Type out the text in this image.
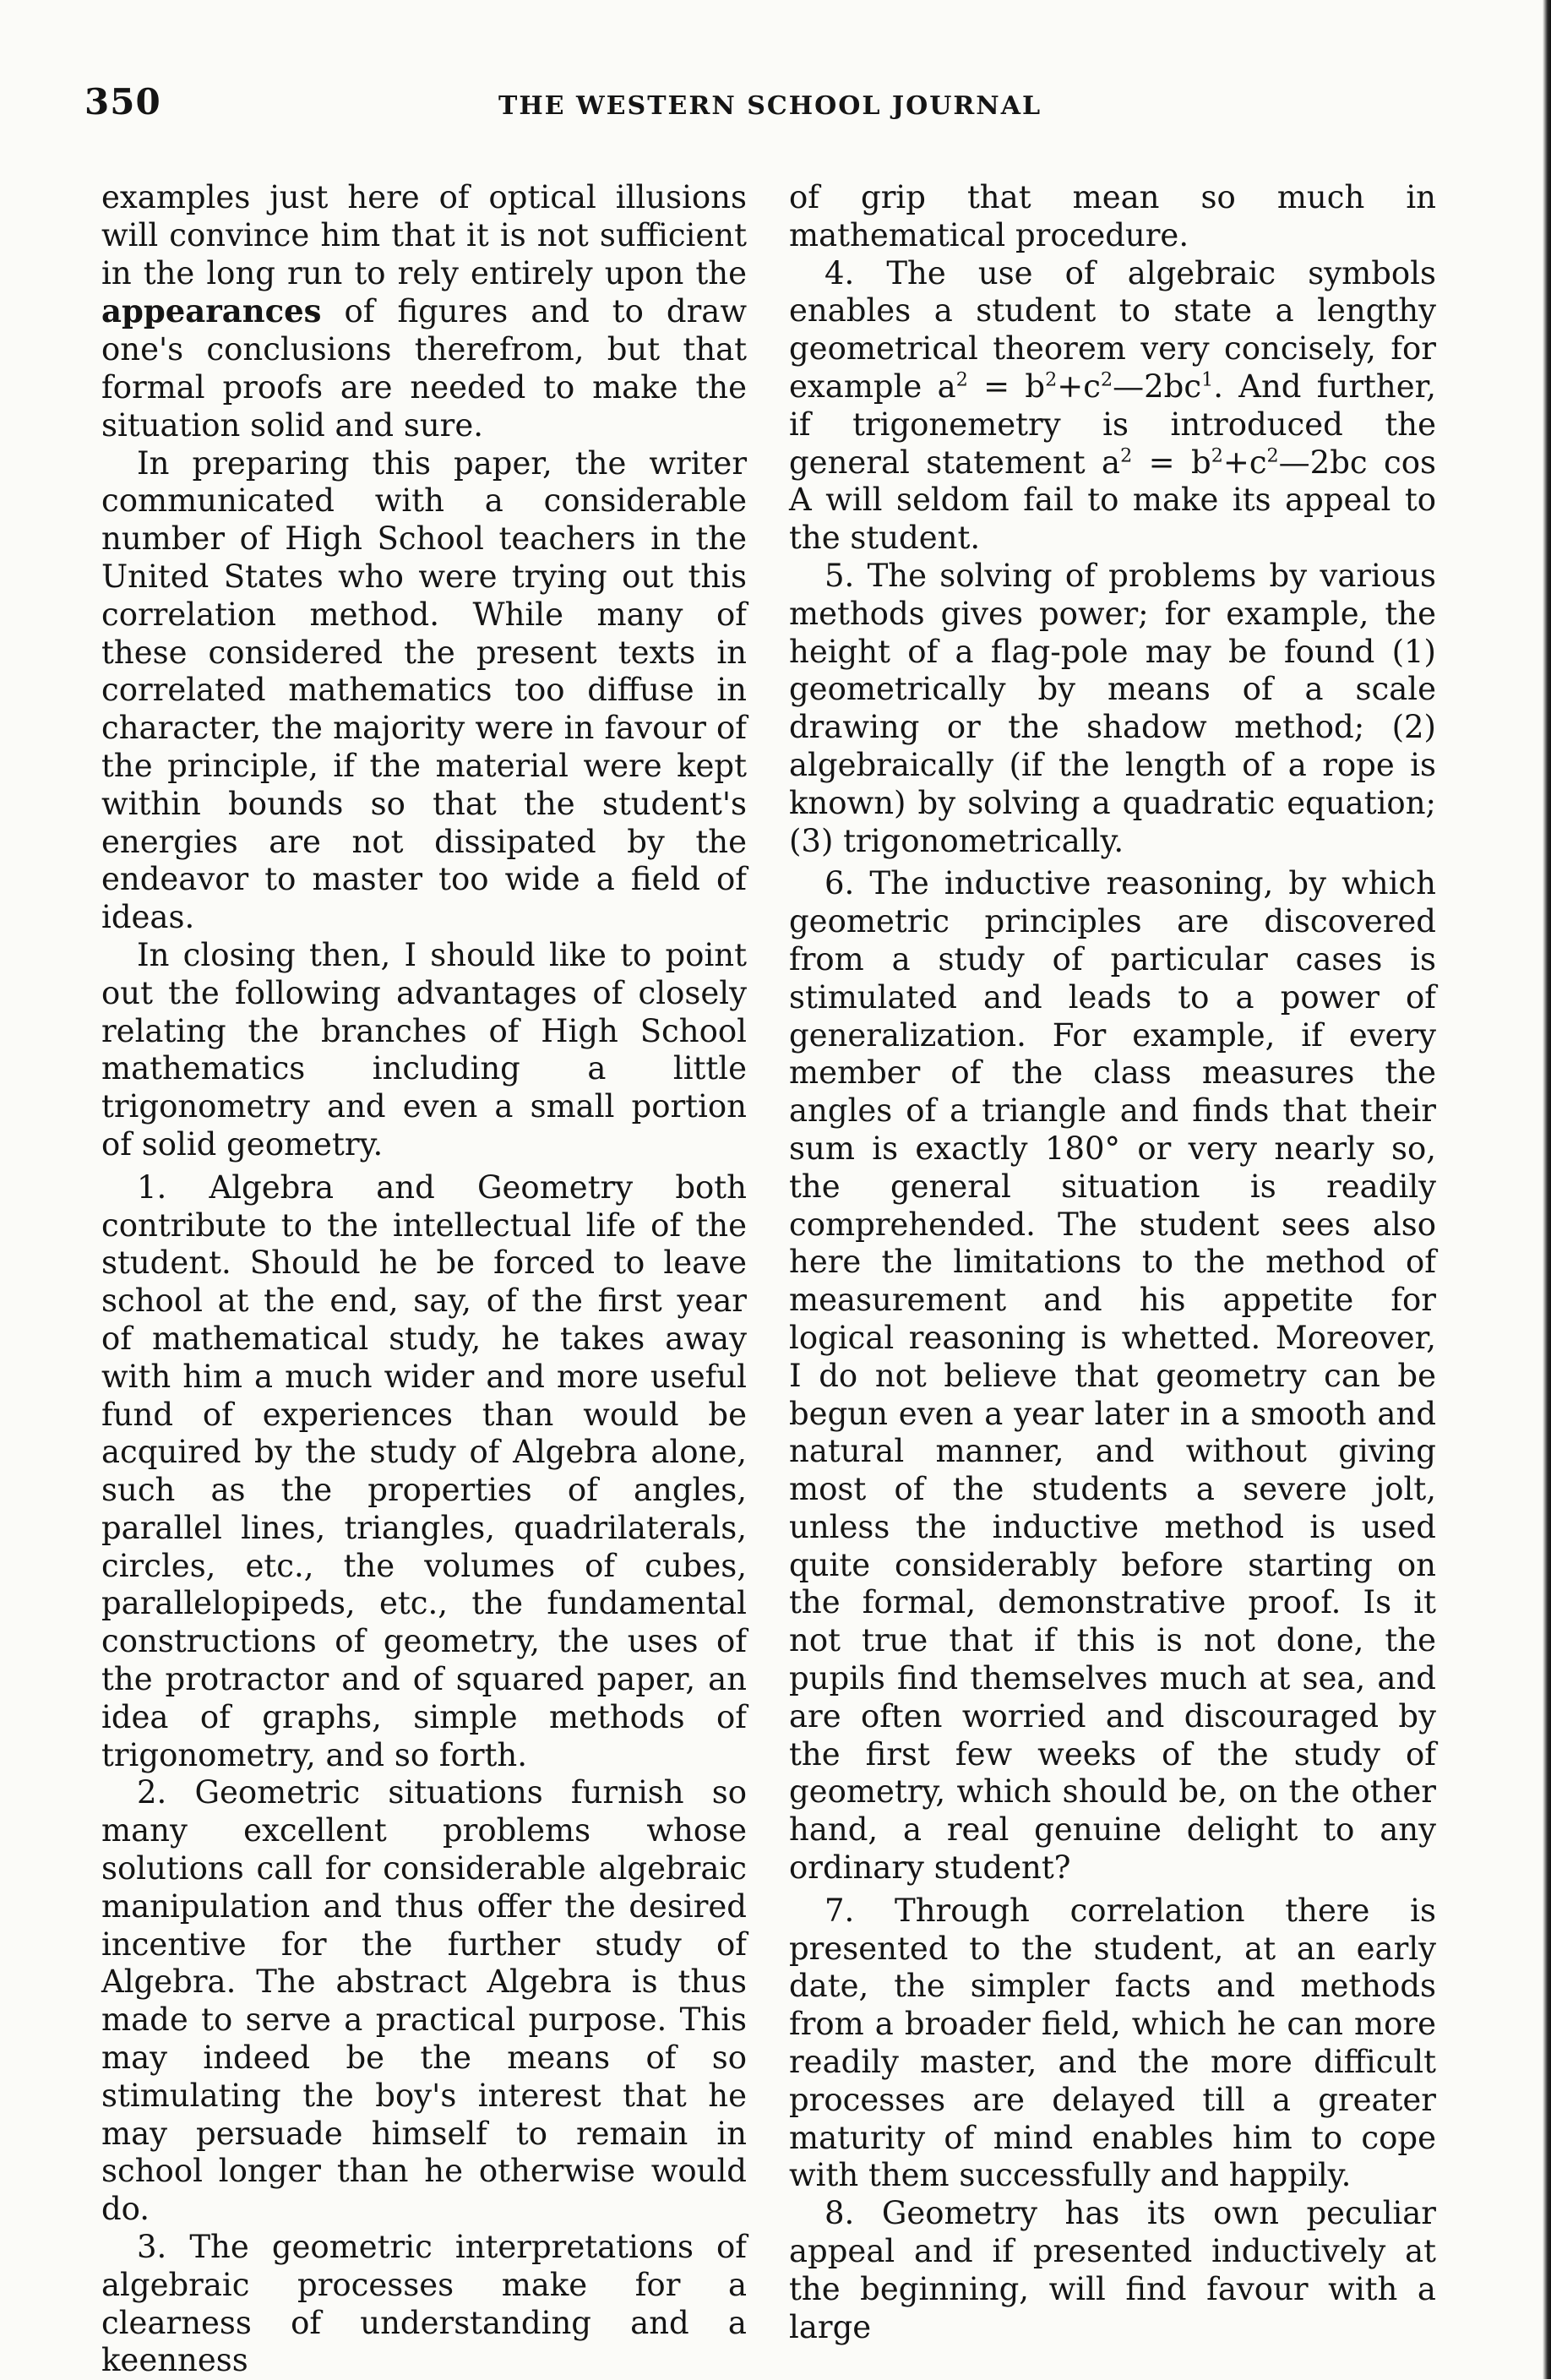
350	THE WESTERN SCHOOL JOURNAL

examples just here of optical illusions will convince him that it is not sufficient in the long run to rely entirely upon the appearances of figures and to draw one's conclusions therefrom, but that formal proofs are needed to make the situation solid and sure.

In preparing this paper, the writer communicated with a considerable number of High School teachers in the United States who were trying out this correlation method. While many of these considered the present texts in correlated mathematics too diffuse in character, the majority were in favour of the principle, if the material were kept within bounds so that the student's energies are not dissipated by the endeavor to master too wide a field of ideas.

In closing then, I should like to point out the following advantages of closely relating the branches of High School mathematics including a little trigonometry and even a small portion of solid geometry.

1. Algebra and Geometry both contribute to the intellectual life of the student. Should he be forced to leave school at the end, say, of the first year of mathematical study, he takes away with him a much wider and more useful fund of experiences than would be acquired by the study of Algebra alone, such as the properties of angles, parallel lines, triangles, quadrilaterals, circles, etc., the volumes of cubes, parallelopipeds, etc., the fundamental constructions of geometry, the uses of the protractor and of squared paper, an idea of graphs, simple methods of trigonometry, and so forth.

2. Geometric situations furnish so many excellent problems whose solutions call for considerable algebraic manipulation and thus offer the desired incentive for the further study of Algebra. The abstract Algebra is thus made to serve a practical purpose. This may indeed be the means of so stimulating the boy's interest that he may persuade himself to remain in school longer than he otherwise would do.

3. The geometric interpretations of algebraic processes make for a clearness of understanding and a keenness

of grip that mean so much in mathematical procedure.

4. The use of algebraic symbols enables a student to state a lengthy geometrical theorem very concisely, for example $a^2$ = $b^2+c^2—2bc^1$. And further, if trigonemetry is introduced the general statement $a^2$ = $b^2+c^2—2bc$ cos A will seldom fail to make its appeal to the student.

5. The solving of problems by various methods gives power; for example, the height of a flag-pole may be found (1) geometrically by means of a scale drawing or the shadow method; (2) algebraically (if the length of a rope is known) by solving a quadratic equation; (3) trigonometrically.

6. The inductive reasoning, by which geometric principles are discovered from a study of particular cases is stimulated and leads to a power of generalization. For example, if every member of the class measures the angles of a triangle and finds that their sum is exactly 180° or very nearly so, the general situation is readily comprehended. The student sees also here the limitations to the method of measurement and his appetite for logical reasoning is whetted. Moreover, I do not believe that geometry can be begun even a year later in a smooth and natural manner, and without giving most of the students a severe jolt, unless the inductive method is used quite considerably before starting on the formal, demonstrative proof. Is it not true that if this is not done, the pupils find themselves much at sea, and are often worried and discouraged by the first few weeks of the study of geometry, which should be, on the other hand, a real genuine delight to any ordinary student?

7. Through correlation there is presented to the student, at an early date, the simpler facts and methods from a broader field, which he can more readily master, and the more difficult processes are delayed till a greater maturity of mind enables him to cope with them successfully and happily.

8. Geometry has its own peculiar appeal and if presented inductively at the beginning, will find favour with a large
